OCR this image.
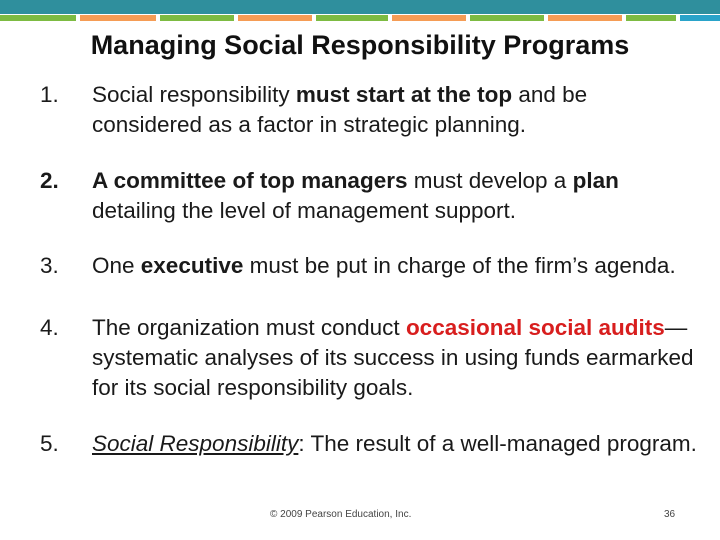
Managing Social Responsibility Programs
1.	Social responsibility must start at the top and be considered as a factor in strategic planning.
2.	A committee of top managers must develop a plan detailing the level of management support.
3.	One executive must be put in charge of the firm’s agenda.
4.	The organization must conduct occasional social audits—systematic analyses of its success in using funds earmarked for its social responsibility goals.
5.	Social Responsibility: The result of a well-managed program.
© 2009 Pearson Education, Inc.	36
